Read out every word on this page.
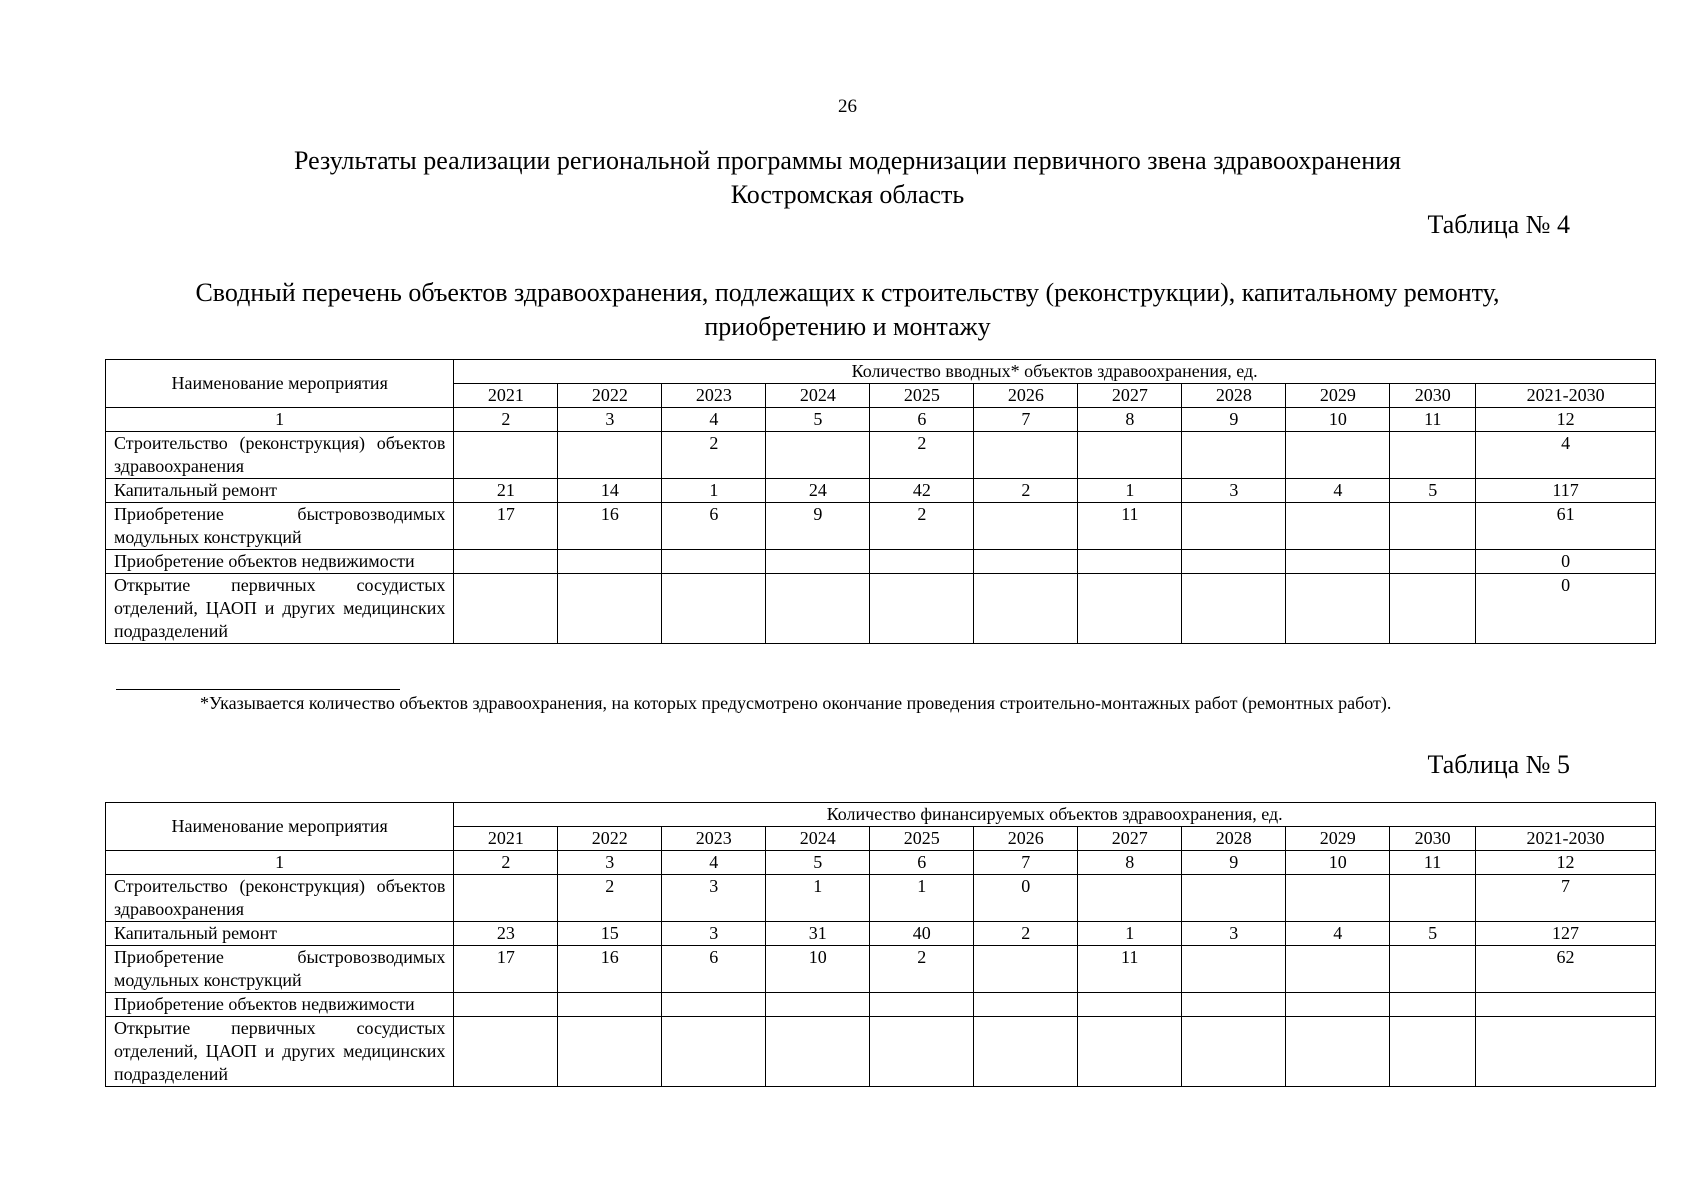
26
Результаты реализации региональной программы модернизации первичного звена здравоохранения
Костромская область
Таблица № 4
Сводный перечень объектов здравоохранения, подлежащих к строительству (реконструкции), капитальному ремонту,
приобретению и монтажу
Наименование мероприятия	Количество вводных* объектов здравоохранения, ед.										
	2021	2022	2023	2024	2025	2026	2027	2028	2029	2030	2021-2030
1	2	3	4	5	6	7	8	9	10	11	12
Строительство (реконструкция) объектов здравоохранения			2		2						4
Капитальный ремонт	21	14	1	24	42	2	1	3	4	5	117
Приобретение быстровозводимых модульных конструкций	17	16	6	9	2		11				61
Приобретение объектов недвижимости											0
Открытие первичных сосудистых отделений, ЦАОП и других медицинских подразделений											0
*Указывается количество объектов здравоохранения, на которых предусмотрено окончание проведения строительно-монтажных работ (ремонтных работ).
Таблица № 5
Наименование мероприятия	Количество финансируемых объектов здравоохранения, ед.										
	2021	2022	2023	2024	2025	2026	2027	2028	2029	2030	2021-2030
1	2	3	4	5	6	7	8	9	10	11	12
Строительство (реконструкция) объектов здравоохранения		2	3	1	1	0					7
Капитальный ремонт	23	15	3	31	40	2	1	3	4	5	127
Приобретение быстровозводимых модульных конструкций	17	16	6	10	2		11				62
Приобретение объектов недвижимости											
Открытие первичных сосудистых отделений, ЦАОП и других медицинских подразделений											
